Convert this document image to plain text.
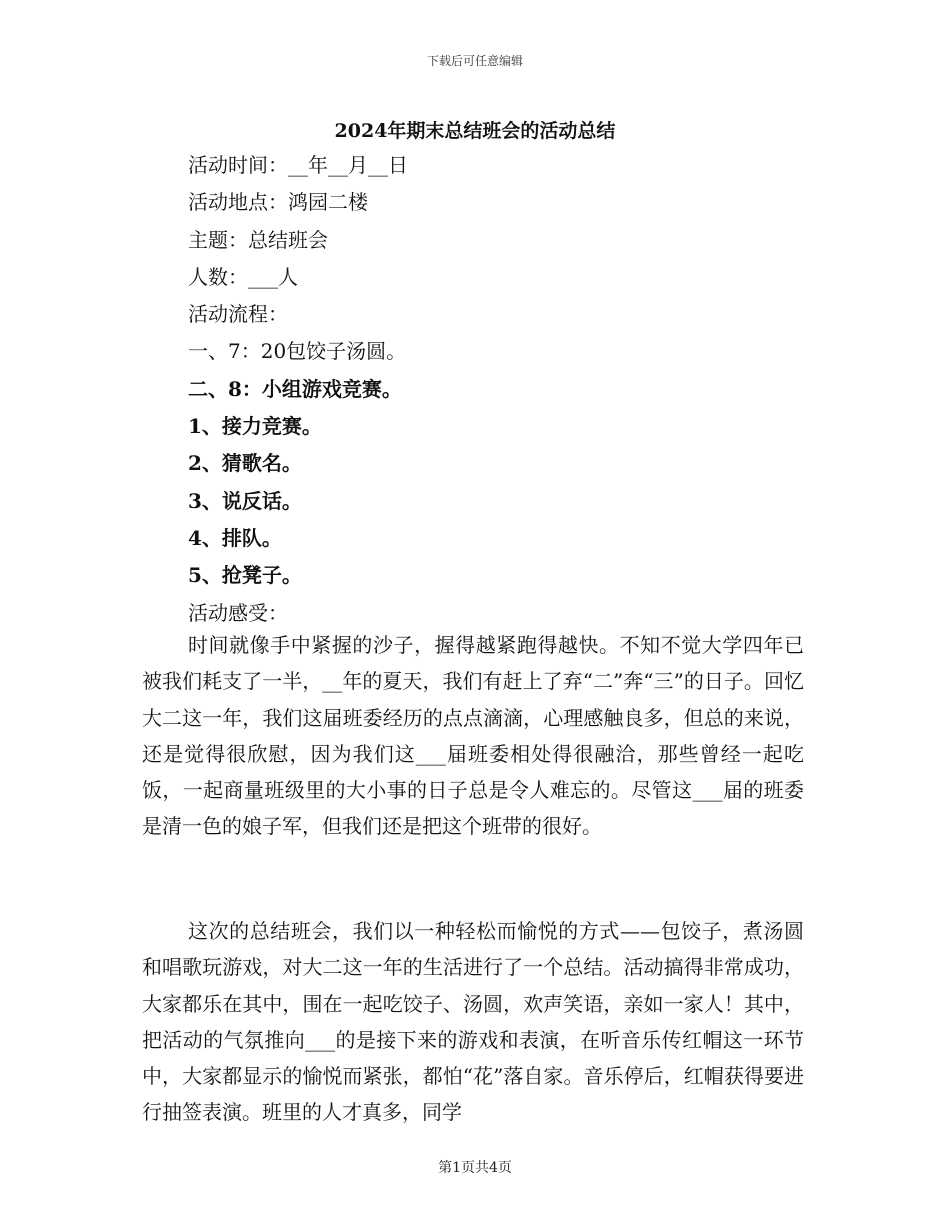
下载后可任意编辑
2024年期末总结班会的活动总结
活动时间：__年__月__日
活动地点：鸿园二楼
主题：总结班会
人数：___人
活动流程：
一、7：20包饺子汤圆。
二、8：小组游戏竞赛。
1、接力竞赛。
2、猜歌名。
3、说反话。
4、排队。
5、抢凳子。
活动感受：

时间就像手中紧握的沙子，握得越紧跑得越快。不知不觉大学四年已被我们耗支了一半，__年的夏天，我们有赶上了弃“二”奔“三”的日子。回忆大二这一年，我们这届班委经历的点点滴滴，心理感触良多，但总的来说，还是觉得很欣慰，因为我们这___届班委相处得很融洽，那些曾经一起吃饭，一起商量班级里的大小事的日子总是令人难忘的。尽管这___届的班委是清一色的娘子军，但我们还是把这个班带的很好。

这次的总结班会，我们以一种轻松而愉悦的方式——包饺子，煮汤圆和唱歌玩游戏，对大二这一年的生活进行了一个总结。活动搞得非常成功，大家都乐在其中，围在一起吃饺子、汤圆，欢声笑语，亲如一家人！其中，把活动的气氛推向___的是接下来的游戏和表演，在听音乐传红帽这一环节中，大家都显示的愉悦而紧张，都怕“花”落自家。音乐停后，红帽获得要进行抽签表演。班里的人才真多，同学

第1页共4页
